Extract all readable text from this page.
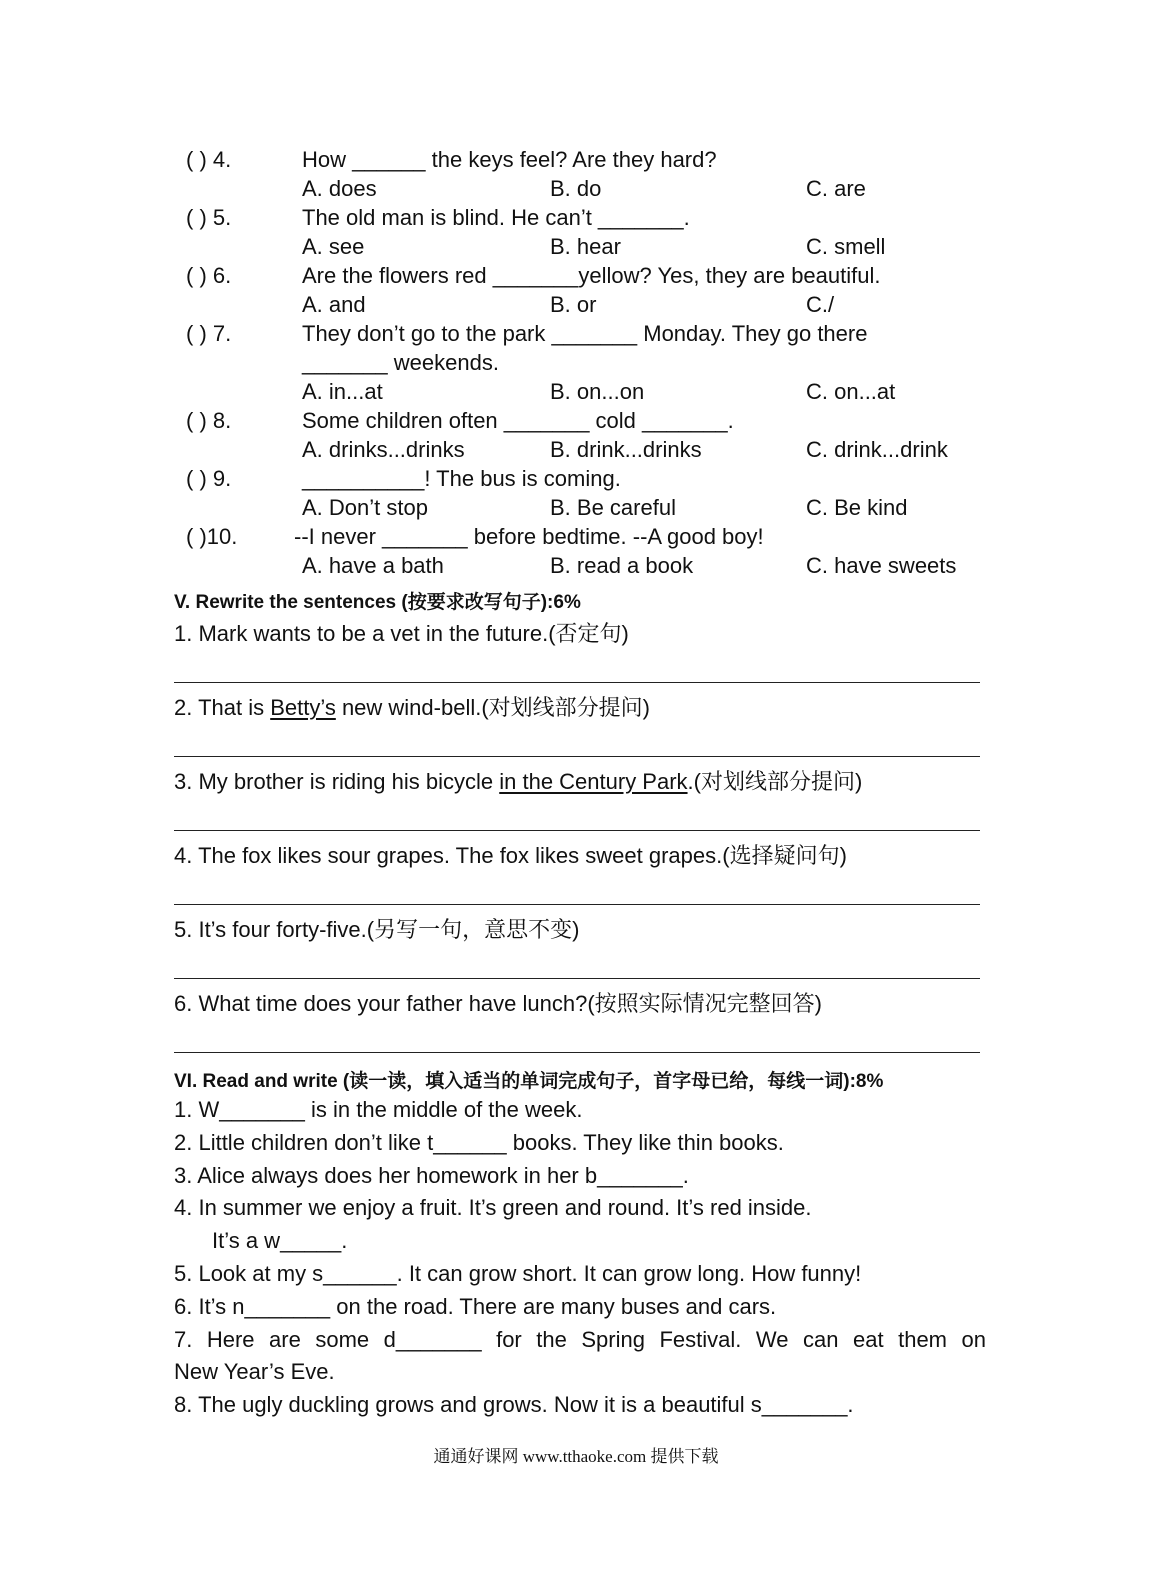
( ) 4.	How ______ the keys feel? Are they hard?
A. does	B. do	C. are
( ) 5.	The old man is blind. He can’t _______.
A. see	B. hear	C. smell
( ) 6.	Are the flowers red _______yellow? Yes, they are beautiful.
A. and	B. or	C./
( ) 7.	They don’t go to the park _______ Monday. They go there
_______ weekends.
A. in...at	B. on...on	C. on...at
( ) 8.	Some children often _______ cold _______.
A. drinks...drinks	B. drink...drinks	C. drink...drink
( ) 9.	__________! The bus is coming.
A. Don’t stop	B. Be careful	C. Be kind
( )10.	--I never _______ before bedtime. --A good boy!
A. have a bath	B. read a book	C. have sweets
V. Rewrite the sentences (按要求改写句子):6%
1. Mark wants to be a vet in the future.(否定句)
2. That is Betty’s new wind-bell.(对划线部分提问)
3. My brother is riding his bicycle in the Century Park.(对划线部分提问)
4. The fox likes sour grapes. The fox likes sweet grapes.(选择疑问句)
5. It’s four forty-five.(另写一句，意思不变)
6. What time does your father have lunch?(按照实际情况完整回答)
VI. Read and write (读一读，填入适当的单词完成句子，首字母已给，每线一词):8%
1. W_______ is in the middle of the week.
2. Little children don’t like t______ books. They like thin books.
3. Alice always does her homework in her b_______.
4. In summer we enjoy a fruit. It’s green and round. It’s red inside.
It’s a w_____.
5. Look at my s______. It can grow short. It can grow long. How funny!
6. It’s n_______ on the road. There are many buses and cars.
7. Here are some d_______ for the Spring Festival. We can eat them on
New Year’s Eve.
8. The ugly duckling grows and grows. Now it is a beautiful s_______.
通通好课网 www.tthaoke.com 提供下载
